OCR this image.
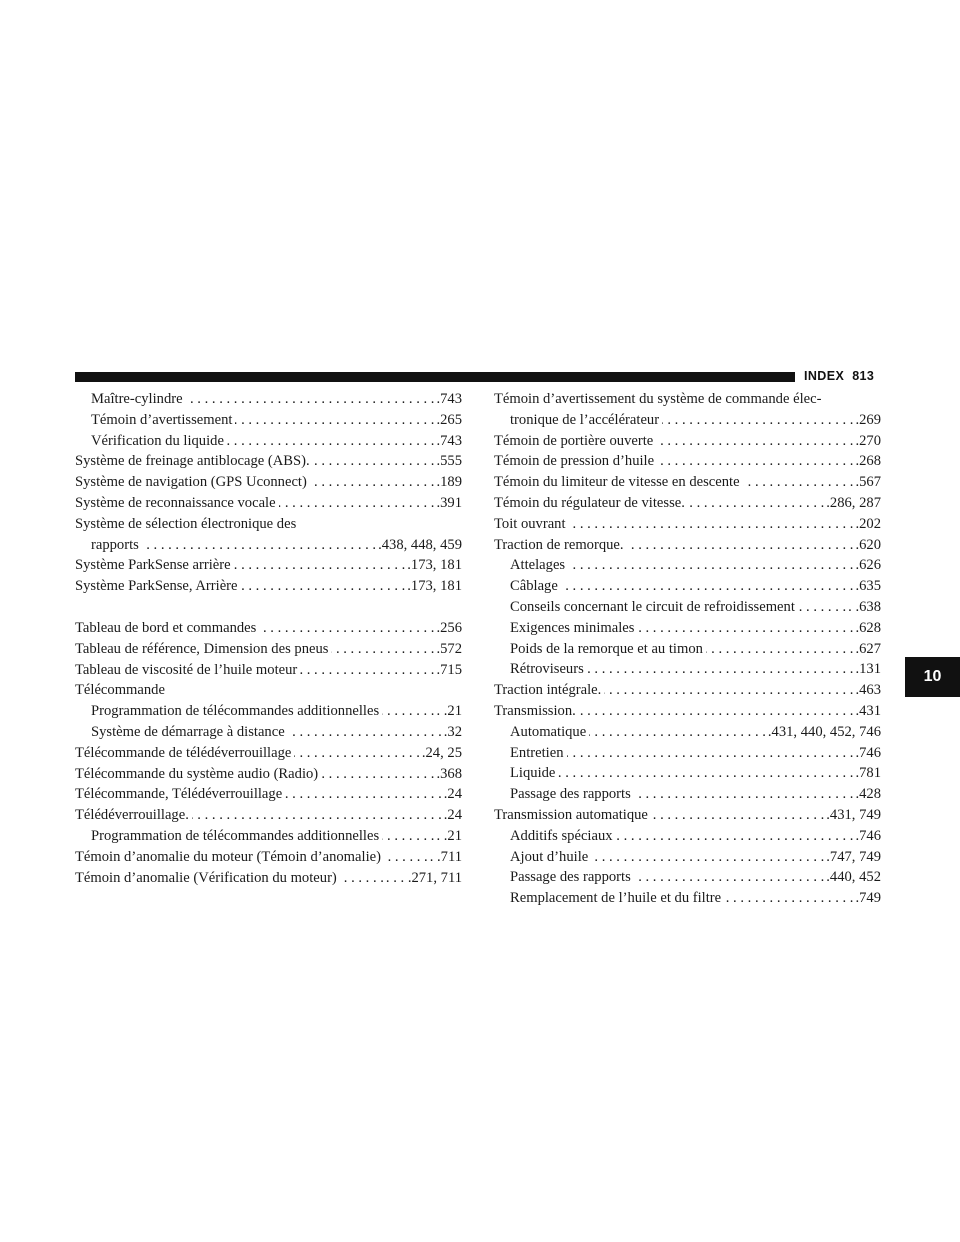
INDEX 813
10
Maître-cylindre . . .	.743
Témoin d’avertissement . . .	.265
Vérification du liquide . . .	.743
Système de freinage antiblocage (ABS). . . .	.555
Système de navigation (GPS Uconnect) . . .	.189
Système de reconnaissance vocale . . .	.391
Système de sélection électronique des
rapports . . .	.438, 448, 459
Système ParkSense arrière . . .	.173, 181
Système ParkSense, Arrière . . .	.173, 181
Tableau de bord et commandes . . .	.256
Tableau de référence, Dimension des pneus . . .	.572
Tableau de viscosité de l’huile moteur . . .	.715
Télécommande
Programmation de télécommandes additionnelles . . .	. .21
Système de démarrage à distance . . .	.32
Télécommande de télédéverrouillage . . .	.24, 25
Télécommande du système audio (Radio) . . .	.368
Télécommande, Télédéverrouillage . . .	.24
Télédéverrouillage. . . .	.24
Programmation de télécommandes additionnelles . . .	. .21
Témoin d’anomalie du moteur (Témoin d’anomalie) . . .	. .711
Témoin d’anomalie (Vérification du moteur) . . .	. . . .271, 711
Témoin d’avertissement du système de commande élec-
tronique de l’accélérateur . . .	.269
Témoin de portière ouverte . . .	.270
Témoin de pression d’huile . . .	.268
Témoin du limiteur de vitesse en descente . . .	.567
Témoin du régulateur de vitesse. . . .	.286, 287
Toit ouvrant . . .	.202
Traction de remorque. . . .	.620
Attelages . . .	.626
Câblage . . .	.635
Conseils concernant le circuit de refroidissement . . .	. .638
Exigences minimales . . .	.628
Poids de la remorque et au timon . . .	.627
Rétroviseurs . . .	.131
Traction intégrale. . . .	.463
Transmission. . . .	.431
Automatique . . .	.431, 440, 452, 746
Entretien . . .	.746
Liquide . . .	.781
Passage des rapports . . .	.428
Transmission automatique . . .	.431, 749
Additifs spéciaux . . .	.746
Ajout d’huile . . .	.747, 749
Passage des rapports . . .	.440, 452
Remplacement de l’huile et du filtre . . .	.749
